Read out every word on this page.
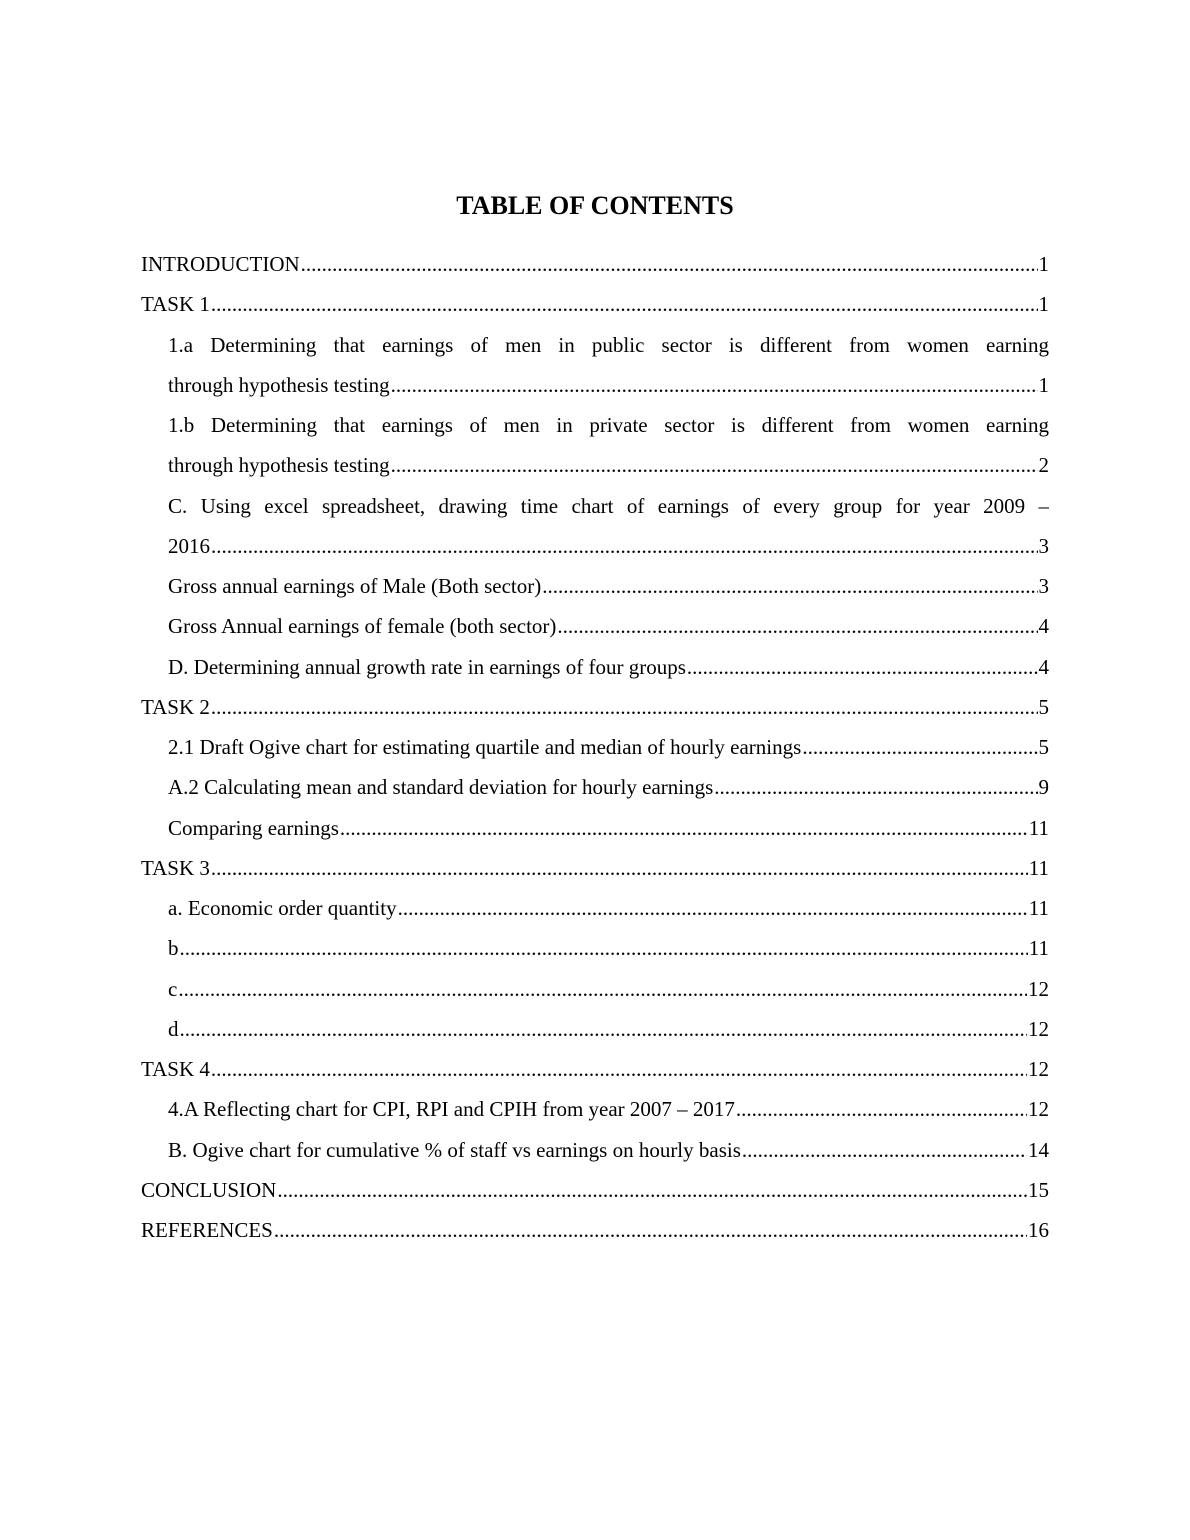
TABLE OF CONTENTS
INTRODUCTION .....	1
TASK 1 .....	1
1.a Determining that earnings of men in public sector is different from women earning
through hypothesis testing .....	1
1.b Determining that earnings of men in private sector is different from women earning
through hypothesis testing .....	2
C. Using excel spreadsheet, drawing time chart of earnings of every group for year 2009 –
2016 .....	3
Gross annual earnings of Male (Both sector) .....	3
Gross Annual earnings of female (both sector) .....	4
D. Determining annual growth rate in earnings of four groups .....	4
TASK 2 .....	5
2.1 Draft Ogive chart for estimating quartile and median of hourly earnings .....	5
A.2 Calculating mean and standard deviation for hourly earnings .....	9
Comparing earnings .....	11
TASK 3 .....	11
a. Economic order quantity .....	11
b .....	11
c .....	12
d .....	12
TASK 4 .....	12
4.A Reflecting chart for CPI, RPI and CPIH from year 2007 – 2017 .....	12
B. Ogive chart for cumulative % of staff vs earnings on hourly basis .....	14
CONCLUSION .....	15
REFERENCES .....	16
